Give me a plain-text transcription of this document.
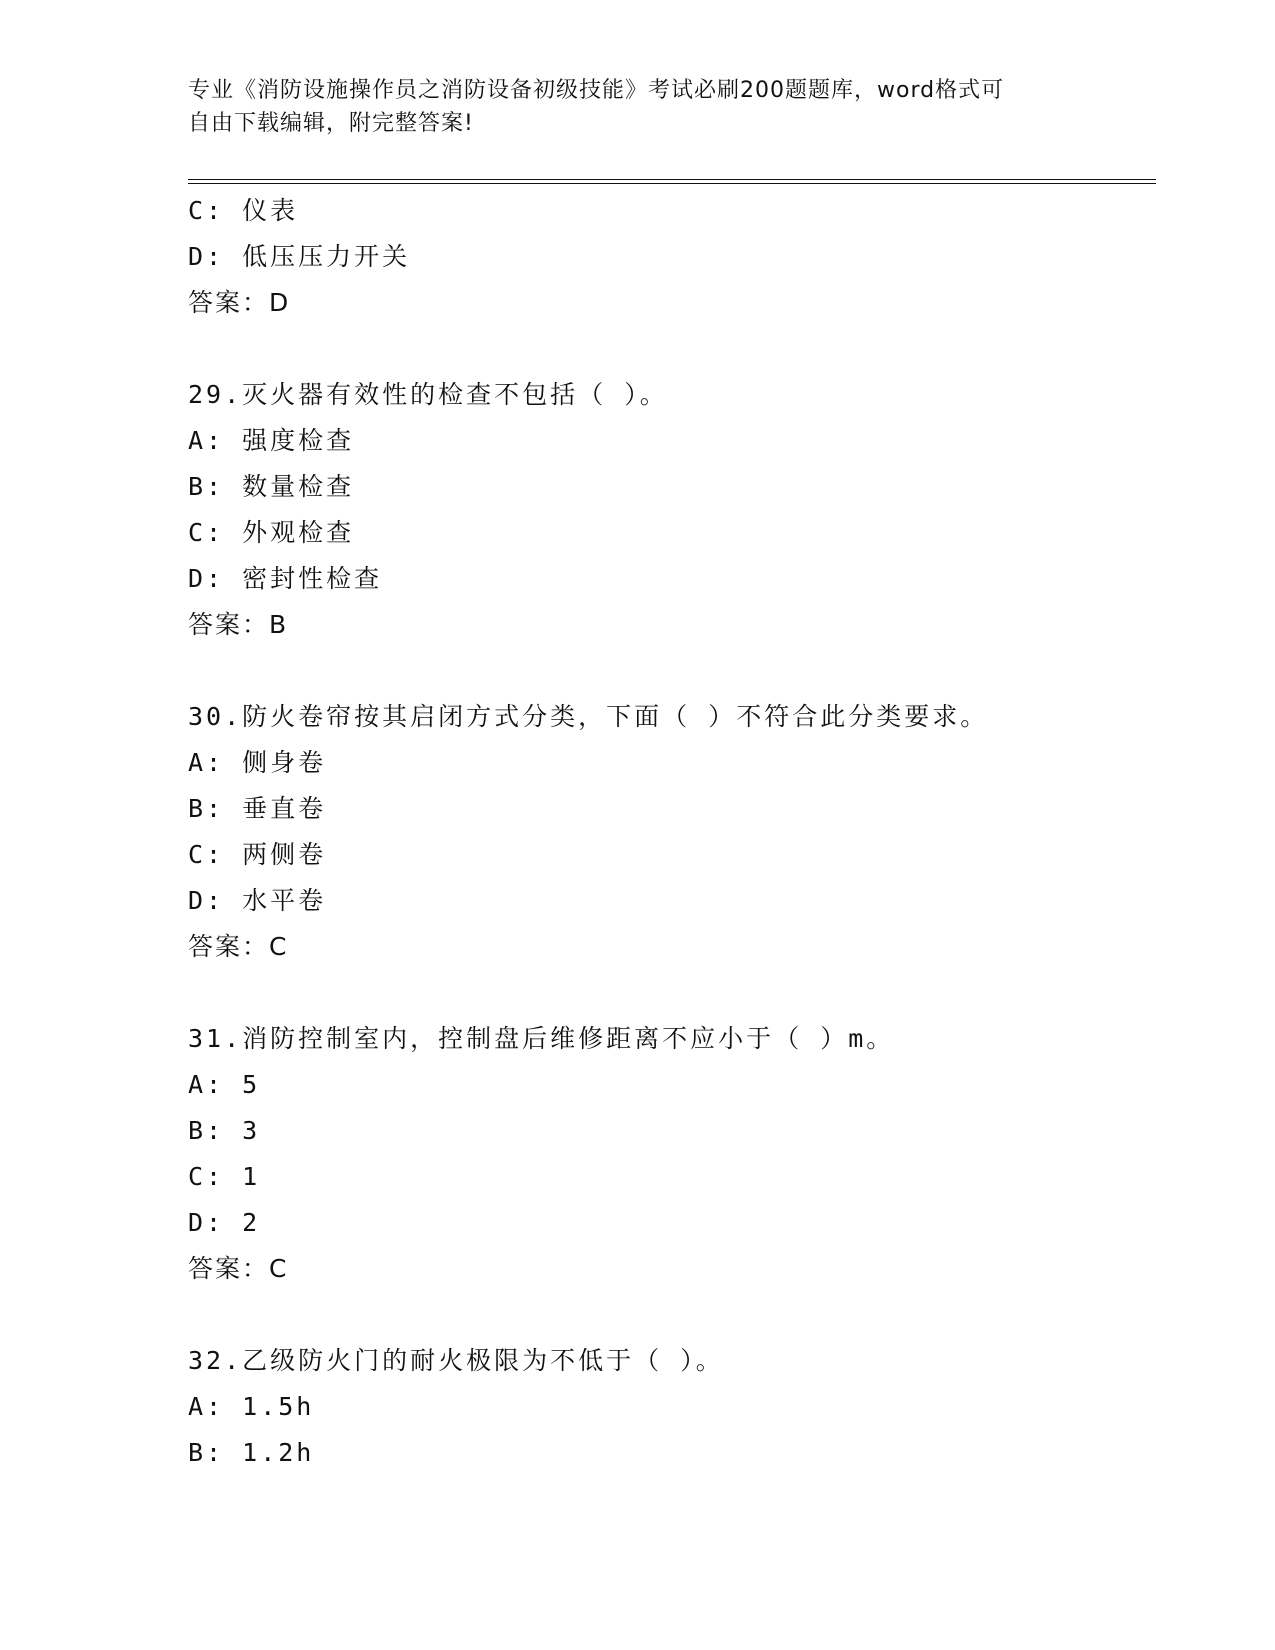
专业《消防设施操作员之消防设备初级技能》考试必刷200题题库，word格式可
自由下载编辑，附完整答案!
C: 仪表
D: 低压压力开关
答案：D
29.灭火器有效性的检查不包括（ ）。
A: 强度检查
B: 数量检查
C: 外观检查
D: 密封性检查
答案：B
30.防火卷帘按其启闭方式分类，下面（ ）不符合此分类要求。
A: 侧身卷
B: 垂直卷
C: 两侧卷
D: 水平卷
答案：C
31.消防控制室内，控制盘后维修距离不应小于（ ）m。
A: 5
B: 3
C: 1
D: 2
答案：C
32.乙级防火门的耐火极限为不低于（ ）。
A: 1.5h
B: 1.2h
